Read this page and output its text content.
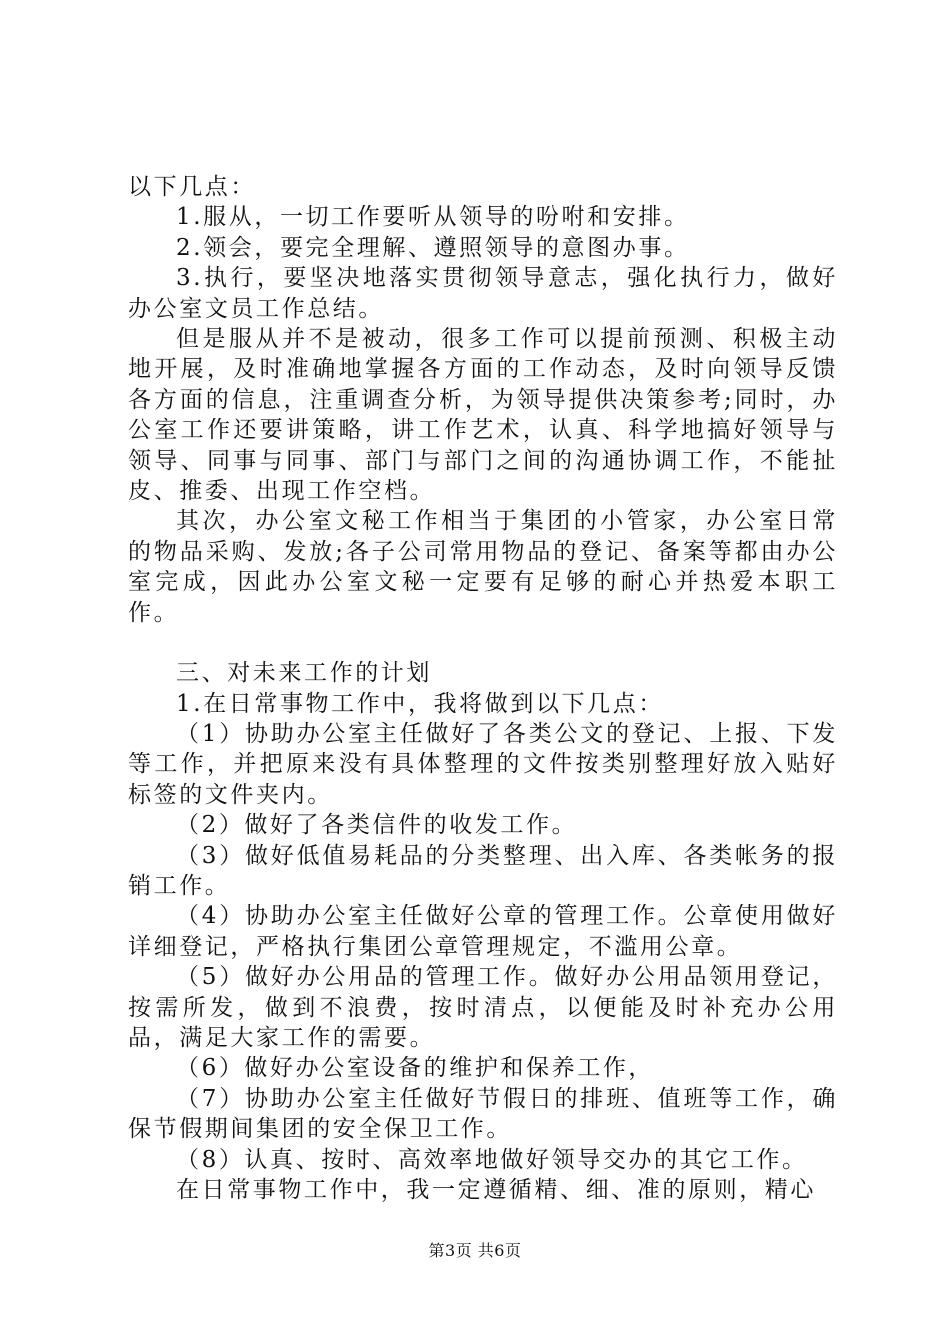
以下几点：

1.服从，一切工作要听从领导的吩咐和安排。

2.领会，要完全理解、遵照领导的意图办事。

3.执行，要坚决地落实贯彻领导意志，强化执行力，做好办公室文员工作总结。

但是服从并不是被动，很多工作可以提前预测、积极主动地开展，及时准确地掌握各方面的工作动态，及时向领导反馈各方面的信息，注重调查分析，为领导提供决策参考;同时，办公室工作还要讲策略，讲工作艺术，认真、科学地搞好领导与领导、同事与同事、部门与部门之间的沟通协调工作，不能扯皮、推委、出现工作空档。

其次，办公室文秘工作相当于集团的小管家，办公室日常的物品采购、发放;各子公司常用物品的登记、备案等都由办公室完成，因此办公室文秘一定要有足够的耐心并热爱本职工作。

三、对未来工作的计划

1.在日常事物工作中，我将做到以下几点：

（1）协助办公室主任做好了各类公文的登记、上报、下发等工作，并把原来没有具体整理的文件按类别整理好放入贴好标签的文件夹内。

（2）做好了各类信件的收发工作。

（3）做好低值易耗品的分类整理、出入库、各类帐务的报销工作。

（4）协助办公室主任做好公章的管理工作。公章使用做好详细登记，严格执行集团公章管理规定，不滥用公章。

（5）做好办公用品的管理工作。做好办公用品领用登记，按需所发，做到不浪费，按时清点，以便能及时补充办公用品，满足大家工作的需要。

（6）做好办公室设备的维护和保养工作，

（7）协助办公室主任做好节假日的排班、值班等工作，确保节假期间集团的安全保卫工作。

（8）认真、按时、高效率地做好领导交办的其它工作。

在日常事物工作中，我一定遵循精、细、准的原则，精心

第3页 共6页
